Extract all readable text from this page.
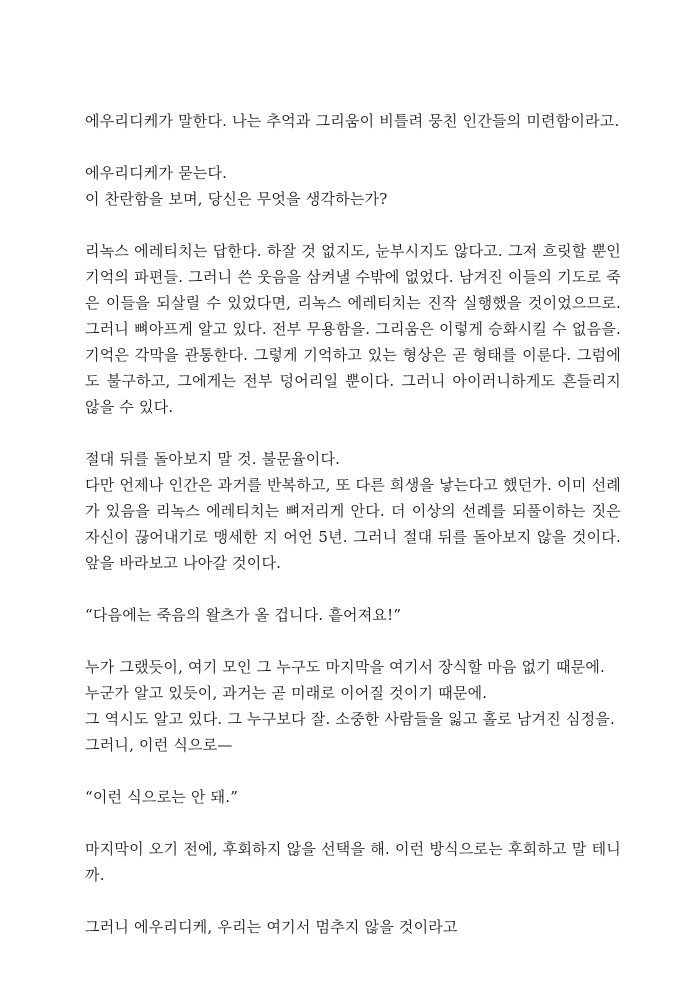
에우리디케가 말한다. 나는 추억과 그리움이 비틀려 뭉친 인간들의 미련함이라고.
에우리디케가 묻는다.
이 찬란함을 보며, 당신은 무엇을 생각하는가?
리녹스 에레티치는 답한다. 하잘 것 없지도, 눈부시지도 않다고. 그저 흐릿할 뿐인 기억의 파편들. 그러니 쓴 웃음을 삼켜낼 수밖에 없었다. 남겨진 이들의 기도로 죽은 이들을 되살릴 수 있었다면, 리녹스 에레티치는 진작 실행했을 것이었으므로. 그러니 뼈아프게 알고 있다. 전부 무용함을. 그리움은 이렇게 승화시킬 수 없음을. 기억은 각막을 관통한다. 그렇게 기억하고 있는 형상은 곧 형태를 이룬다. 그럼에도 불구하고, 그에게는 전부 덩어리일 뿐이다. 그러니 아이러니하게도 흔들리지 않을 수 있다.
절대 뒤를 돌아보지 말 것. 불문율이다.
다만 언제나 인간은 과거를 반복하고, 또 다른 희생을 낳는다고 했던가. 이미 선례가 있음을 리녹스 에레티치는 뼈저리게 안다. 더 이상의 선례를 되풀이하는 짓은 자신이 끊어내기로 맹세한 지 어언 5년. 그러니 절대 뒤를 돌아보지 않을 것이다. 앞을 바라보고 나아갈 것이다.
“다음에는 죽음의 왈츠가 올 겁니다. 흩어져요!”
누가 그랬듯이, 여기 모인 그 누구도 마지막을 여기서 장식할 마음 없기 때문에.
누군가 알고 있듯이, 과거는 곧 미래로 이어질 것이기 때문에.
그 역시도 알고 있다. 그 누구보다 잘. 소중한 사람들을 잃고 홀로 남겨진 심정을.
그러니, 이런 식으로—
“이런 식으로는 안 돼.”
마지막이 오기 전에, 후회하지 않을 선택을 해. 이런 방식으로는 후회하고 말 테니까.
그러니 에우리디케, 우리는 여기서 멈추지 않을 것이라고
